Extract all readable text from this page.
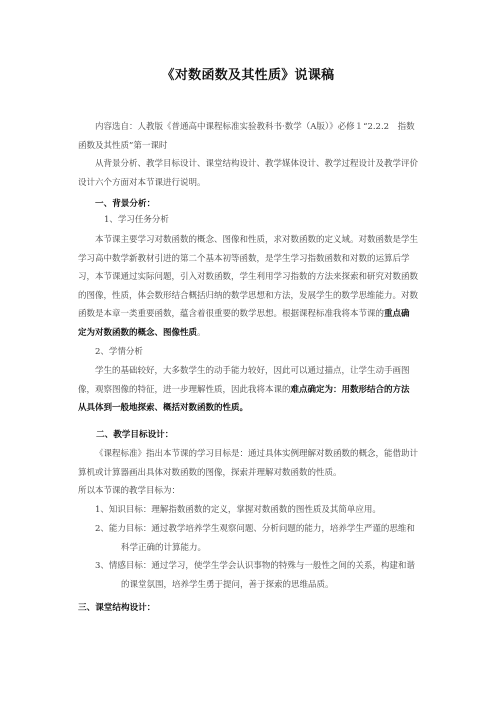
《对数函数及其性质》说课稿
内容选自：人教版《普通高中课程标准实验教科书·数学（A版）》必修１“2.2.2　指数函数及其性质”第一课时
从背景分析、教学目标设计、课堂结构设计、教学媒体设计、教学过程设计及教学评价设计六个方面对本节课进行说明。
一、背景分析：
1、学习任务分析
本节课主要学习对数函数的概念、图像和性质，求对数函数的定义域。对数函数是学生学习高中数学新教材引进的第二个基本初等函数，是学生学习指数函数和对数的运算后学习，本节课通过实际问题，引入对数函数，学生利用学习指数的方法来探索和研究对数函数的图像，性质，体会数形结合概括归纳的数学思想和方法，发展学生的数学思维能力。对数函数是本章一类重要函数，蕴含着很重要的数学思想。根据课程标准我将本节课的重点确定为对数函数的概念、图像性质。
2、学情分析
学生的基础较好，大多数学生的动手能力较好，因此可以通过描点，让学生动手画图像，观察图像的特征，进一步理解性质，因此我将本课的难点确定为：用数形结合的方法从具体到一般地探索、概括对数函数的性质。
二、教学目标设计：
《课程标准》指出本节课的学习目标是：通过具体实例理解对数函数的概念，能借助计算机或计算器画出具体对数函数的图像，探索并理解对数函数的性质。
所以本节课的教学目标为：
1、知识目标：理解指数函数的定义，掌握对数函数的图性质及其简单应用。
2、能力目标：通过教学培养学生观察问题、分析问题的能力，培养学生严谨的思维和科学正确的计算能力。
3、情感目标：通过学习，使学生学会认识事物的特殊与一般性之间的关系，构建和谐的课堂氛围，培养学生勇于提问，善于探索的思维品质。
三、课堂结构设计：
